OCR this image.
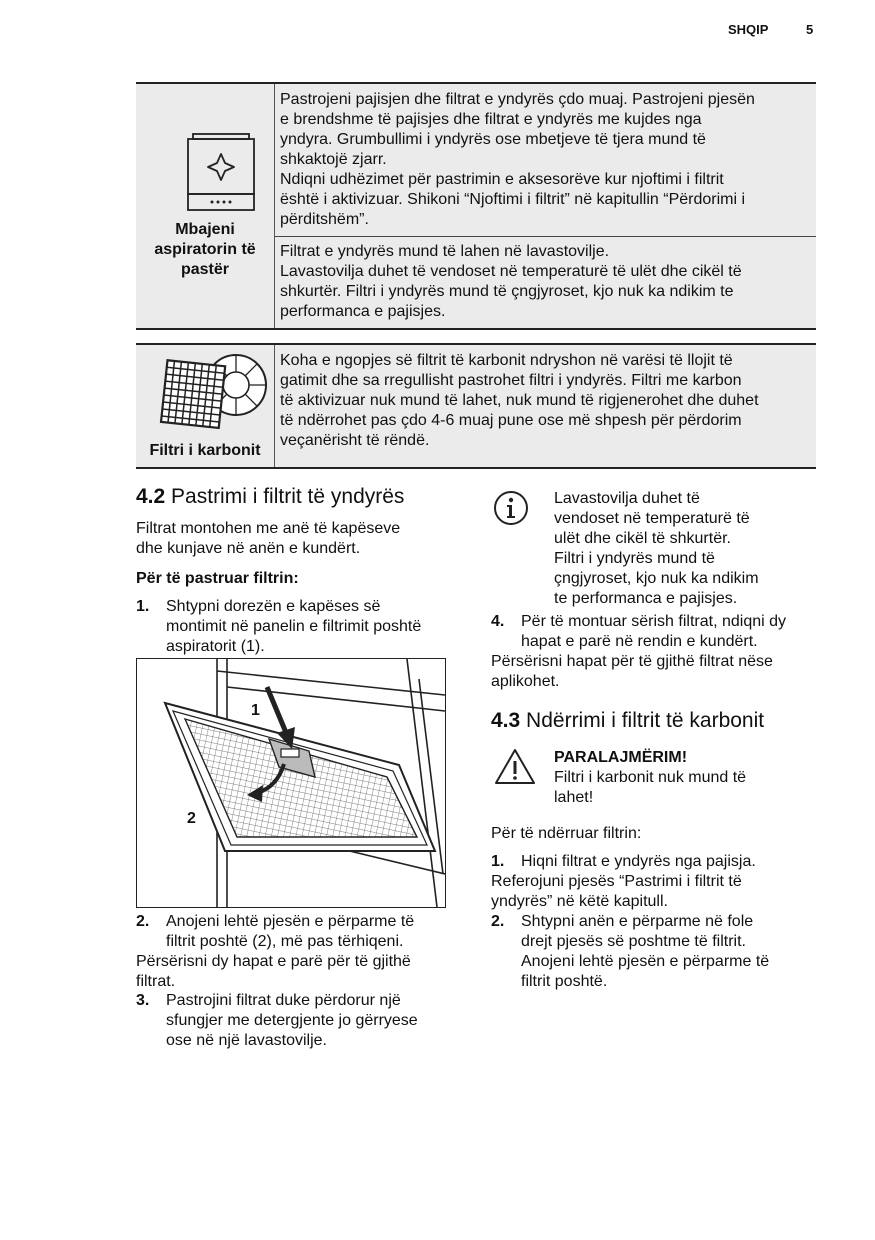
SHQIP	5
Mbajeni
aspiratorin të
pastër
Pastrojeni pajisjen dhe filtrat e yndyrës çdo muaj. Pastrojeni pjesën
e brendshme të pajisjes dhe filtrat e yndyrës me kujdes nga
yndyra. Grumbullimi i yndyrës ose mbetjeve të tjera mund të
shkaktojë zjarr.
Ndiqni udhëzimet për pastrimin e aksesorëve kur njoftimi i filtrit
është i aktivizuar. Shikoni “Njoftimi i filtrit” në kapitullin “Përdorimi i
përditshëm”.
Filtrat e yndyrës mund të lahen në lavastovilje.
Lavastovilja duhet të vendoset në temperaturë të ulët dhe cikël të
shkurtër. Filtri i yndyrës mund të çngjyroset, kjo nuk ka ndikim te
performanca e pajisjes.
Filtri i karbonit
Koha e ngopjes së filtrit të karbonit ndryshon në varësi të llojit të
gatimit dhe sa rregullisht pastrohet filtri i yndyrës. Filtri me karbon
të aktivizuar nuk mund të lahet, nuk mund të rigjenerohet dhe duhet
të ndërrohet pas çdo 4-6 muaj pune ose më shpesh për përdorim
veçanërisht të rëndë.
4.2 Pastrimi i filtrit të yndyrës
Filtrat montohen me anë të kapëseve
dhe kunjave në anën e kundërt.
Për të pastruar filtrin:
1. Shtypni dorezën e kapëses së
montimit në panelin e filtrimit poshtë
aspiratorit (1).
1
2
2. Anojeni lehtë pjesën e përparme të
filtrit poshtë (2), më pas tërhiqeni.
Përsërisni dy hapat e parë për të gjithë
filtrat.
3. Pastrojini filtrat duke përdorur një
sfungjer me detergjente jo gërryese
ose në një lavastovilje.
Lavastovilja duhet të
vendoset në temperaturë të
ulët dhe cikël të shkurtër.
Filtri i yndyrës mund të
çngjyroset, kjo nuk ka ndikim
te performanca e pajisjes.
4. Për të montuar sërish filtrat, ndiqni dy
hapat e parë në rendin e kundërt.
Përsërisni hapat për të gjithë filtrat nëse
aplikohet.
4.3 Ndërrimi i filtrit të karbonit
PARALAJMËRIM!
Filtri i karbonit nuk mund të
lahet!
Për të ndërruar filtrin:
1. Hiqni filtrat e yndyrës nga pajisja.
Referojuni pjesës “Pastrimi i filtrit të
yndyrës” në këtë kapitull.
2. Shtypni anën e përparme në fole
drejt pjesës së poshtme të filtrit.
Anojeni lehtë pjesën e përparme të
filtrit poshtë.
